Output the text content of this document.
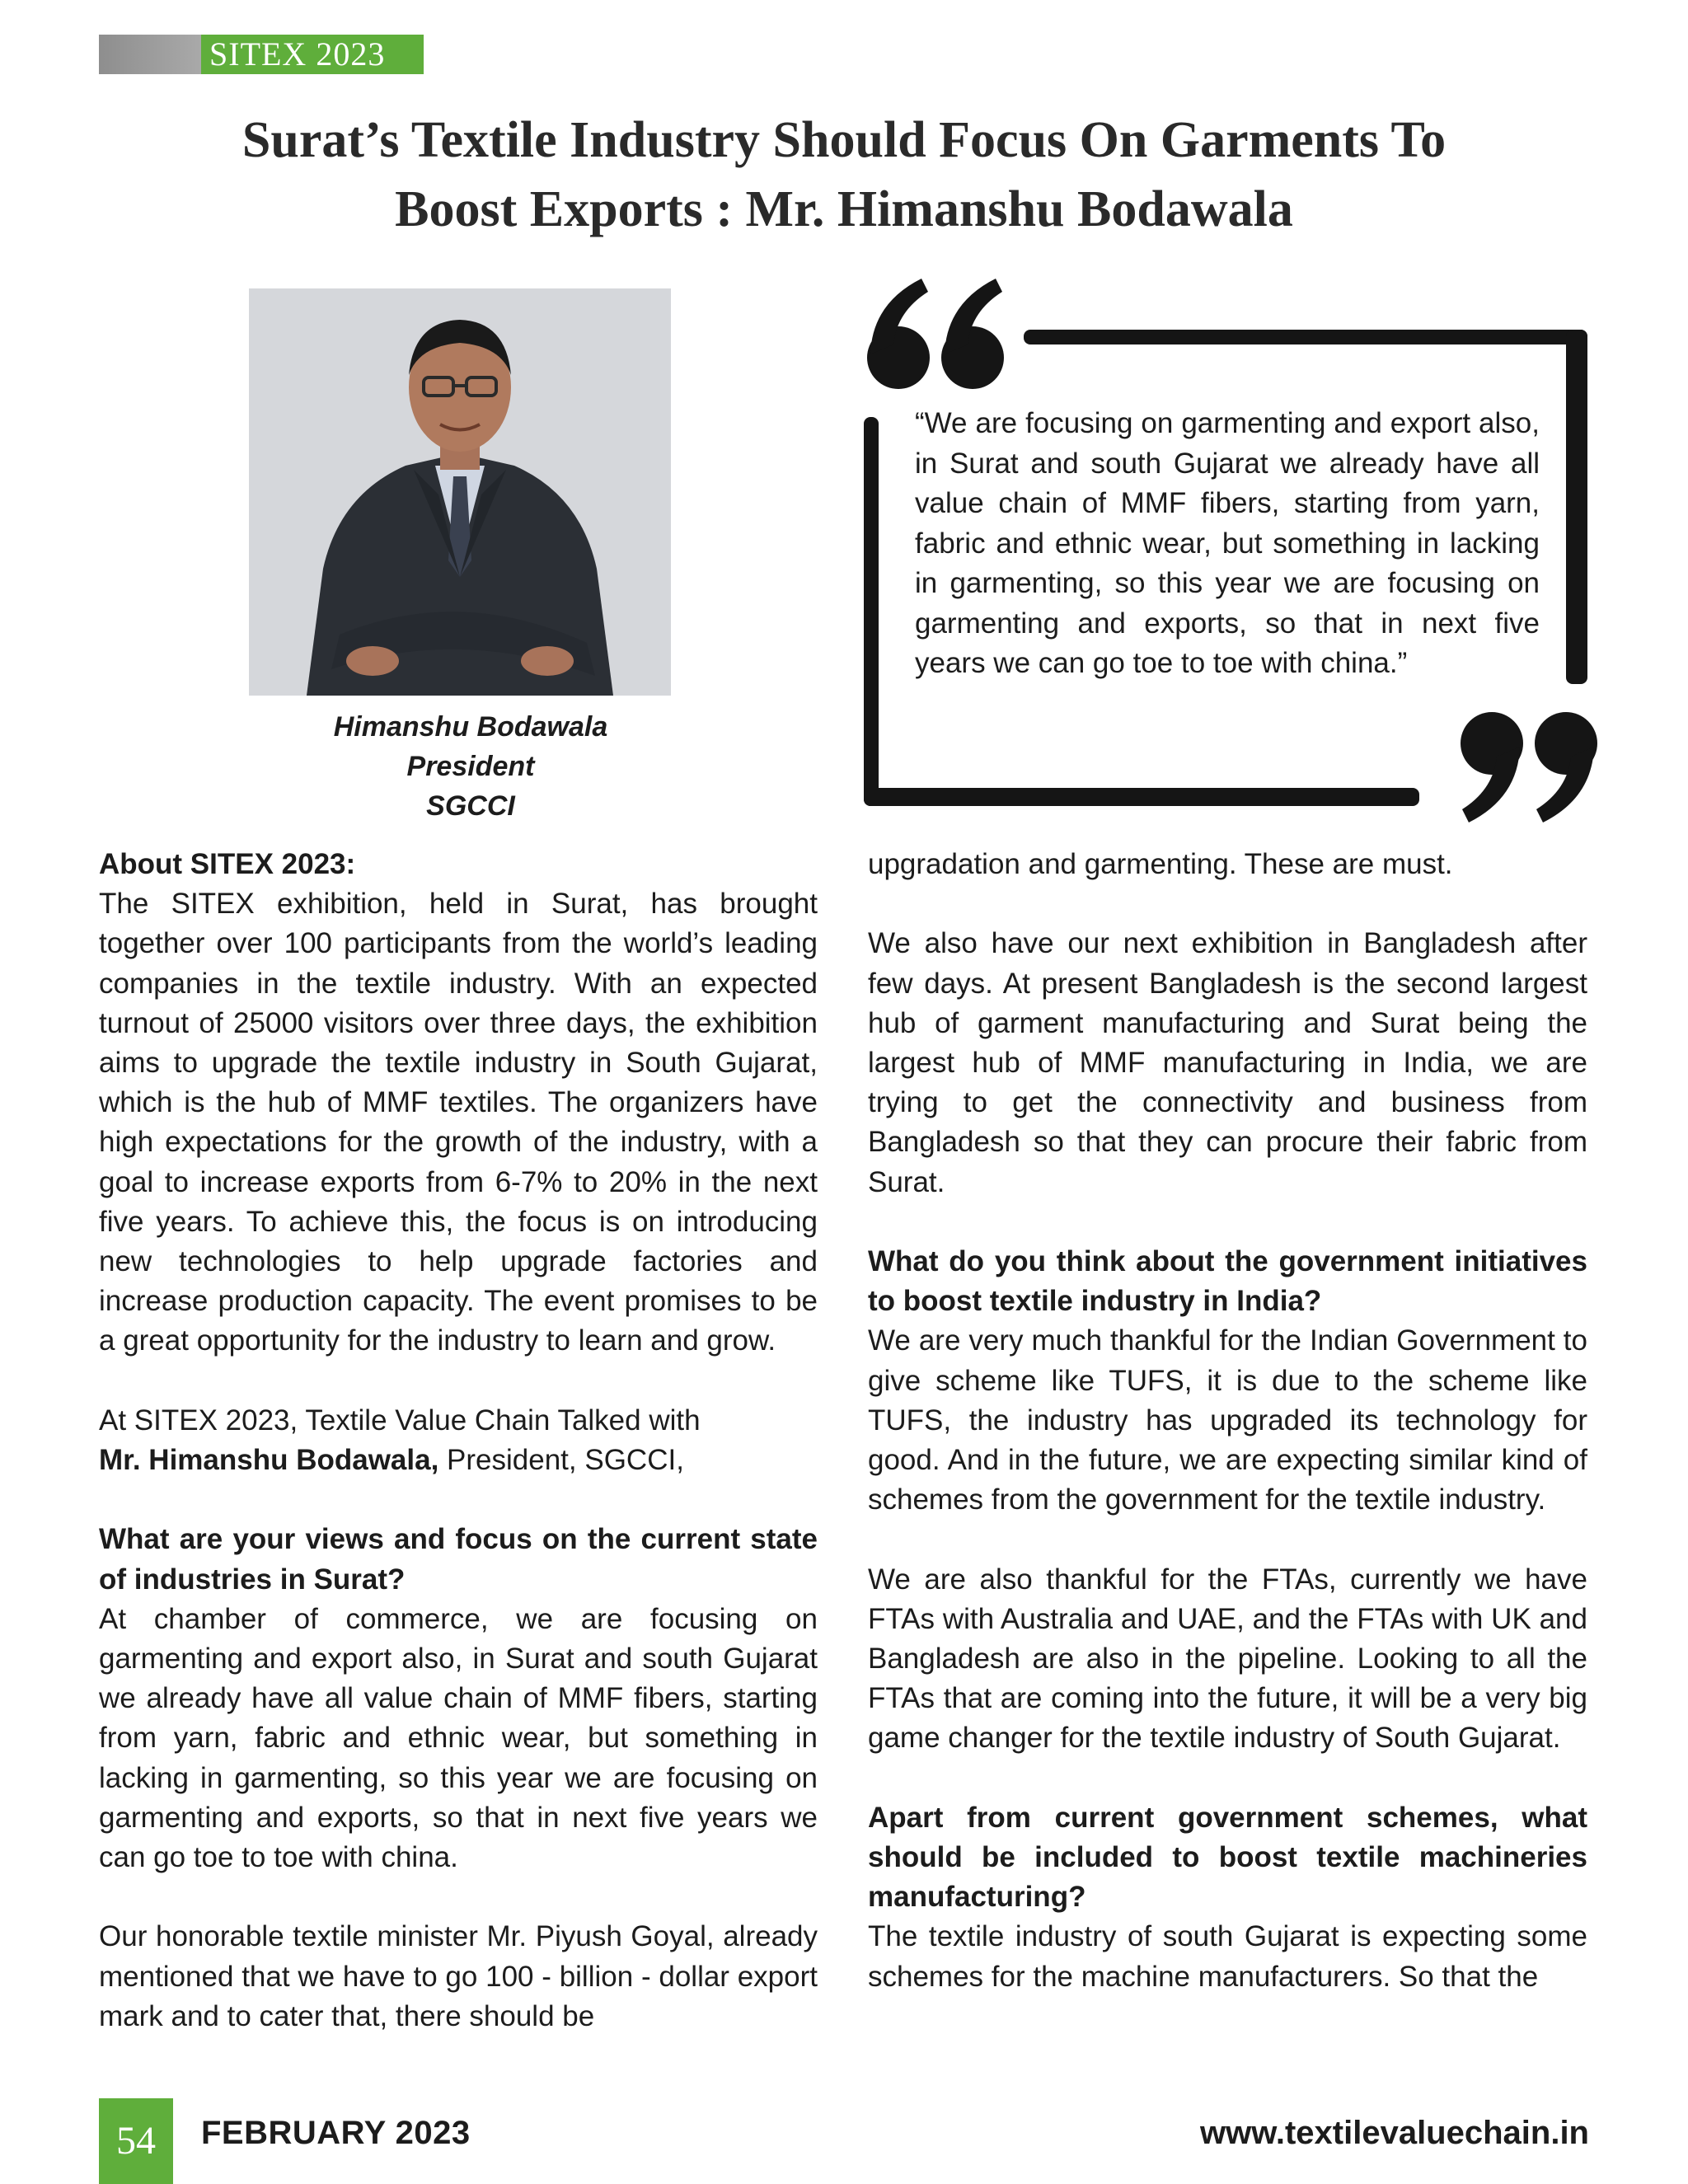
SITEX 2023
Surat’s Textile Industry Should Focus On Garments To
Boost Exports : Mr. Himanshu Bodawala
Himanshu Bodawala
President
SGCCI
“We are focusing on garmenting and export also, in Surat and south Gujarat we already have all value chain of MMF fibers, starting from yarn, fabric and ethnic wear, but something in lacking in garmenting, so this year we are focusing on garmenting and exports, so that in next five years we can go toe to toe with china.”

About SITEX 2023:

The SITEX exhibition, held in Surat, has brought together over 100 participants from the world’s leading companies in the textile industry. With an expected turnout of 25000 visitors over three days, the exhibition aims to upgrade the textile industry in South Gujarat, which is the hub of MMF textiles. The organizers have high expectations for the growth of the industry, with a goal to increase exports from 6-7% to 20% in the next five years. To achieve this, the focus is on introducing new technologies to help upgrade factories and increase production capacity. The event promises to be a great opportunity for the industry to learn and grow.

At SITEX 2023, Textile Value Chain Talked with
Mr. Himanshu Bodawala, President, SGCCI,

What are your views and focus on the current state of industries in Surat?

At chamber of commerce, we are focusing on garmenting and export also, in Surat and south Gujarat we already have all value chain of MMF fibers, starting from yarn, fabric and ethnic wear, but something in lacking in garmenting, so this year we are focusing on garmenting and exports, so that in next five years we can go toe to toe with china.

Our honorable textile minister Mr. Piyush Goyal, already mentioned that we have to go 100 - billion - dollar export mark and to cater that, there should be

upgradation and garmenting. These are must.

We also have our next exhibition in Bangladesh after few days. At present Bangladesh is the second largest hub of garment manufacturing and Surat being the largest hub of MMF manufacturing in India, we are trying to get the connectivity and business from Bangladesh so that they can procure their fabric from Surat.

What do you think about the government initiatives to boost textile industry in India?

We are very much thankful for the Indian Government to give scheme like TUFS, it is due to the scheme like TUFS, the industry has upgraded its technology for good. And in the future, we are expecting similar kind of schemes from the government for the textile industry.

We are also thankful for the FTAs, currently we have FTAs with Australia and UAE, and the FTAs with UK and Bangladesh are also in the pipeline. Looking to all the FTAs that are coming into the future, it will be a very big game changer for the textile industry of South Gujarat.

Apart from current government schemes, what should be included to boost textile machineries manufacturing?

The textile industry of south Gujarat is expecting some schemes for the machine manufacturers. So that the

54	FEBRUARY 2023	www.textilevaluechain.in
